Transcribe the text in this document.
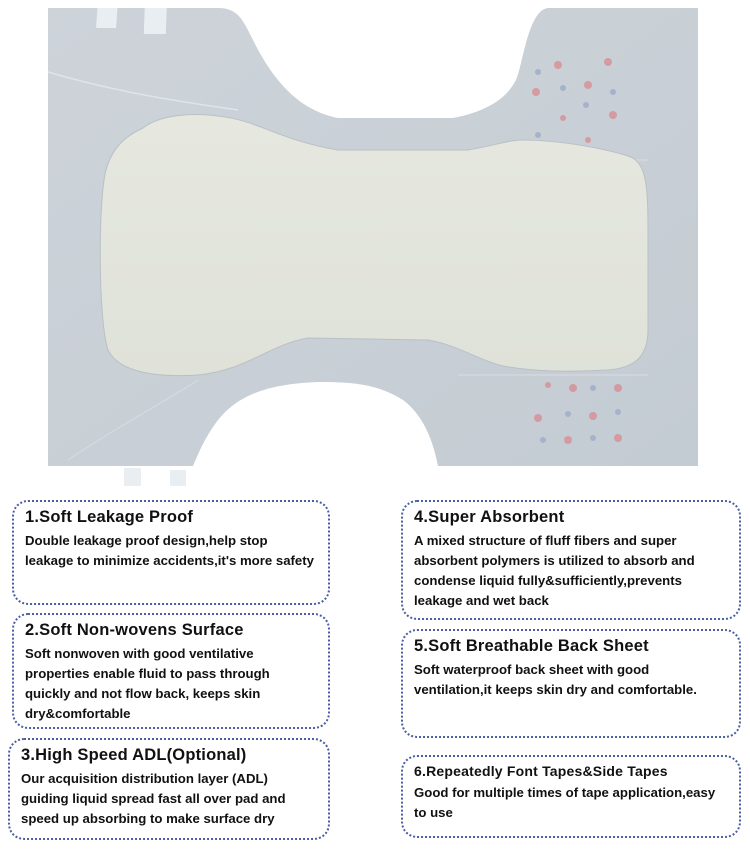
1.Soft Leakage Proof

Double leakage proof design,help stop leakage to minimize accidents,it's more safety

2.Soft Non-wovens Surface

Soft nonwoven with good ventilative properties enable fluid to pass through quickly and not flow back, keeps skin dry&comfortable

3.High Speed ADL(Optional)

Our acquisition distribution layer (ADL) guiding liquid spread fast all over pad and speed up absorbing to make surface dry

4.Super Absorbent

A mixed structure of fluff fibers and super absorbent polymers is utilized to absorb and condense liquid fully&sufficiently,prevents leakage and wet back

5.Soft Breathable Back Sheet

Soft waterproof back sheet with good ventilation,it keeps skin dry and comfortable.

6.Repeatedly Font Tapes&Side Tapes

Good for multiple times of tape application,easy to use
